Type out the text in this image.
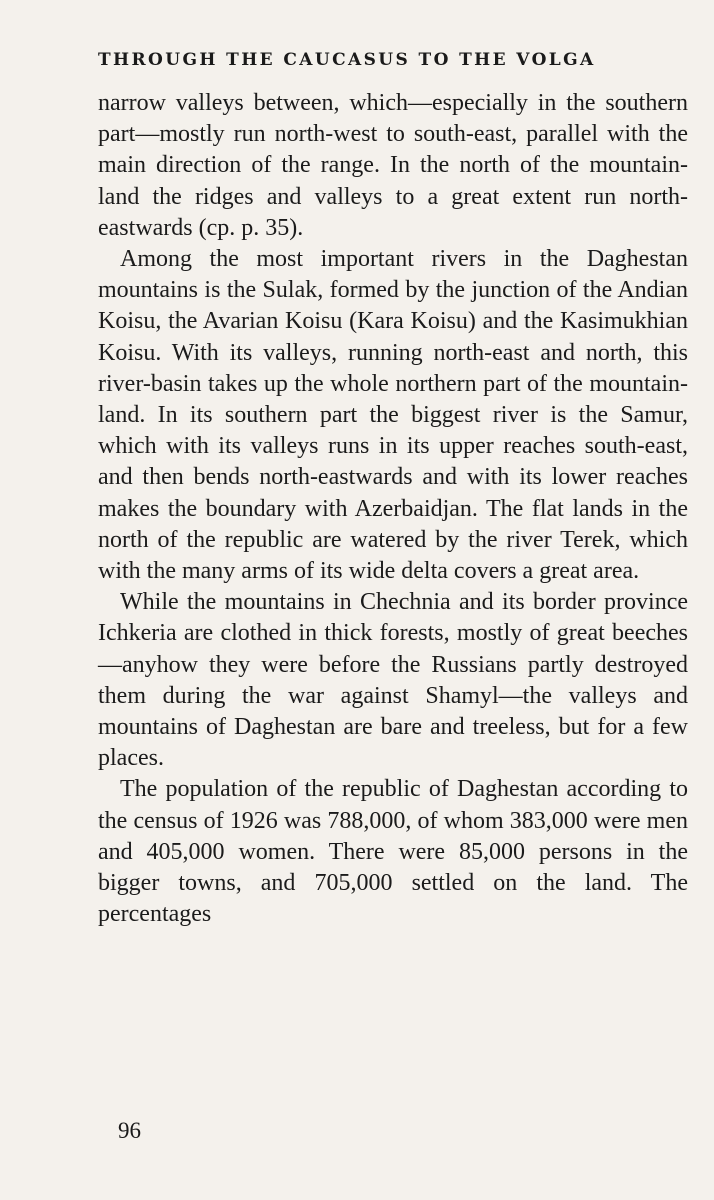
THROUGH THE CAUCASUS TO THE VOLGA

narrow valleys between, which—especially in the southern part—mostly run north-west to south-east, parallel with the main direction of the range. In the north of the mountain-land the ridges and valleys to a great extent run north-eastwards (cp. p. 35).

Among the most important rivers in the Daghestan mountains is the Sulak, formed by the junction of the Andian Koisu, the Avarian Koisu (Kara Koisu) and the Kasimukhian Koisu. With its valleys, running north-east and north, this river-basin takes up the whole northern part of the mountain-land. In its southern part the biggest river is the Samur, which with its valleys runs in its upper reaches south-east, and then bends north-eastwards and with its lower reaches makes the boundary with Azerbaidjan. The flat lands in the north of the republic are watered by the river Terek, which with the many arms of its wide delta covers a great area.

While the mountains in Chechnia and its border province Ichkeria are clothed in thick forests, mostly of great beeches—anyhow they were before the Russians partly destroyed them during the war against Shamyl—the valleys and mountains of Daghestan are bare and treeless, but for a few places.

The population of the republic of Daghestan according to the census of 1926 was 788,000, of whom 383,000 were men and 405,000 women. There were 85,000 persons in the bigger towns, and 705,000 settled on the land. The percentages

96
